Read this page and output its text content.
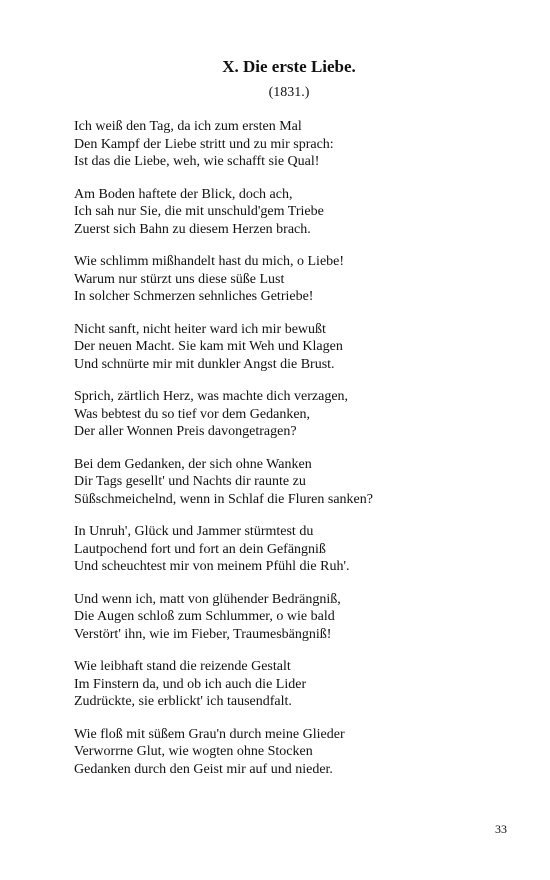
X. Die erste Liebe.
(1831.)
Ich weiß den Tag, da ich zum ersten Mal
Den Kampf der Liebe stritt und zu mir sprach:
Ist das die Liebe, weh, wie schafft sie Qual!
Am Boden haftete der Blick, doch ach,
Ich sah nur Sie, die mit unschuld'gem Triebe
Zuerst sich Bahn zu diesem Herzen brach.
Wie schlimm mißhandelt hast du mich, o Liebe!
Warum nur stürzt uns diese süße Lust
In solcher Schmerzen sehnliches Getriebe!
Nicht sanft, nicht heiter ward ich mir bewußt
Der neuen Macht. Sie kam mit Weh und Klagen
Und schnürte mir mit dunkler Angst die Brust.
Sprich, zärtlich Herz, was machte dich verzagen,
Was bebtest du so tief vor dem Gedanken,
Der aller Wonnen Preis davongetragen?
Bei dem Gedanken, der sich ohne Wanken
Dir Tags gesellt' und Nachts dir raunte zu
Süßschmeichelnd, wenn in Schlaf die Fluren sanken?
In Unruh', Glück und Jammer stürmtest du
Lautpochend fort und fort an dein Gefängniß
Und scheuchtest mir von meinem Pfühl die Ruh'.
Und wenn ich, matt von glühender Bedrängniß,
Die Augen schloß zum Schlummer, o wie bald
Verstört' ihn, wie im Fieber, Traumesbängniß!
Wie leibhaft stand die reizende Gestalt
Im Finstern da, und ob ich auch die Lider
Zudrückte, sie erblickt' ich tausendfalt.
Wie floß mit süßem Grau'n durch meine Glieder
Verworrne Glut, wie wogten ohne Stocken
Gedanken durch den Geist mir auf und nieder.
33
